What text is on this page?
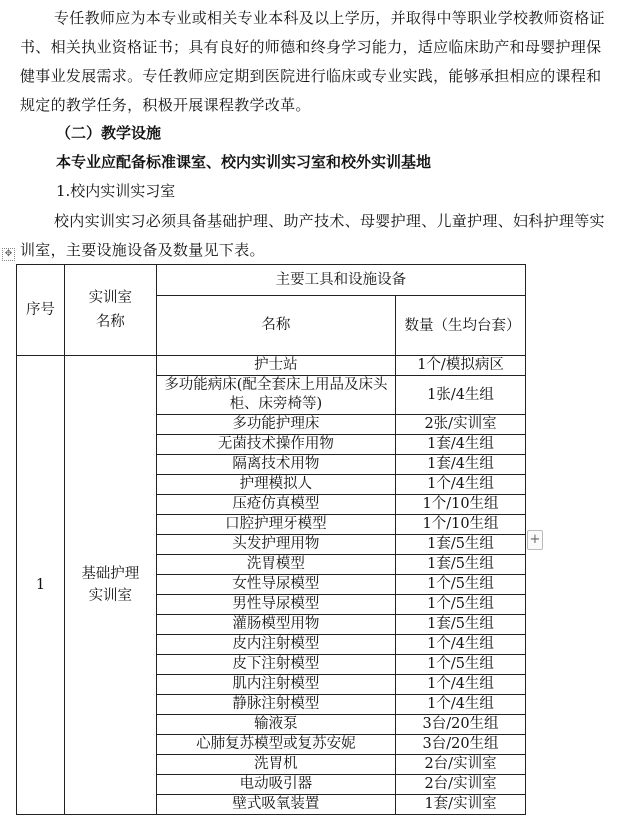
专任教师应为本专业或相关专业本科及以上学历，并取得中等职业学校教师资格证书、相关执业资格证书；具有良好的师德和终身学习能力，适应临床助产和母婴护理保健事业发展需求。专任教师应定期到医院进行临床或专业实践，能够承担相应的课程和规定的教学任务，积极开展课程教学改革。

（二）教学设施

本专业应配备标准课室、校内实训实习室和校外实训基地

1.校内实训实习室

校内实训实习必须具备基础护理、助产技术、母婴护理、儿童护理、妇科护理等实训室，主要设施设备及数量见下表。

✥
序号	实训室名称	主要工具和设施设备	
		名称	数量（生均台套）
1	基础护理实训室	护士站	1个/模拟病区
		多功能病床(配全套床上用品及床头柜、床旁椅等)	1张/4生组
		多功能护理床	2张/实训室
		无菌技术操作用物	1套/4生组
		隔离技术用物	1套/4生组
		护理模拟人	1个/4生组
		压疮仿真模型	1个/10生组
		口腔护理牙模型	1个/10生组
		头发护理用物	1套/5生组
		洗胃模型	1套/5生组
		女性导尿模型	1个/5生组
		男性导尿模型	1个/5生组
		灌肠模型用物	1套/5生组
		皮内注射模型	1个/4生组
		皮下注射模型	1个/5生组
		肌内注射模型	1个/4生组
		静脉注射模型	1个/4生组
		输液泵	3台/20生组
		心肺复苏模型或复苏安妮	3台/20生组
		洗胃机	2台/实训室
		电动吸引器	2台/实训室
		壁式吸氧装置	1套/实训室
+
